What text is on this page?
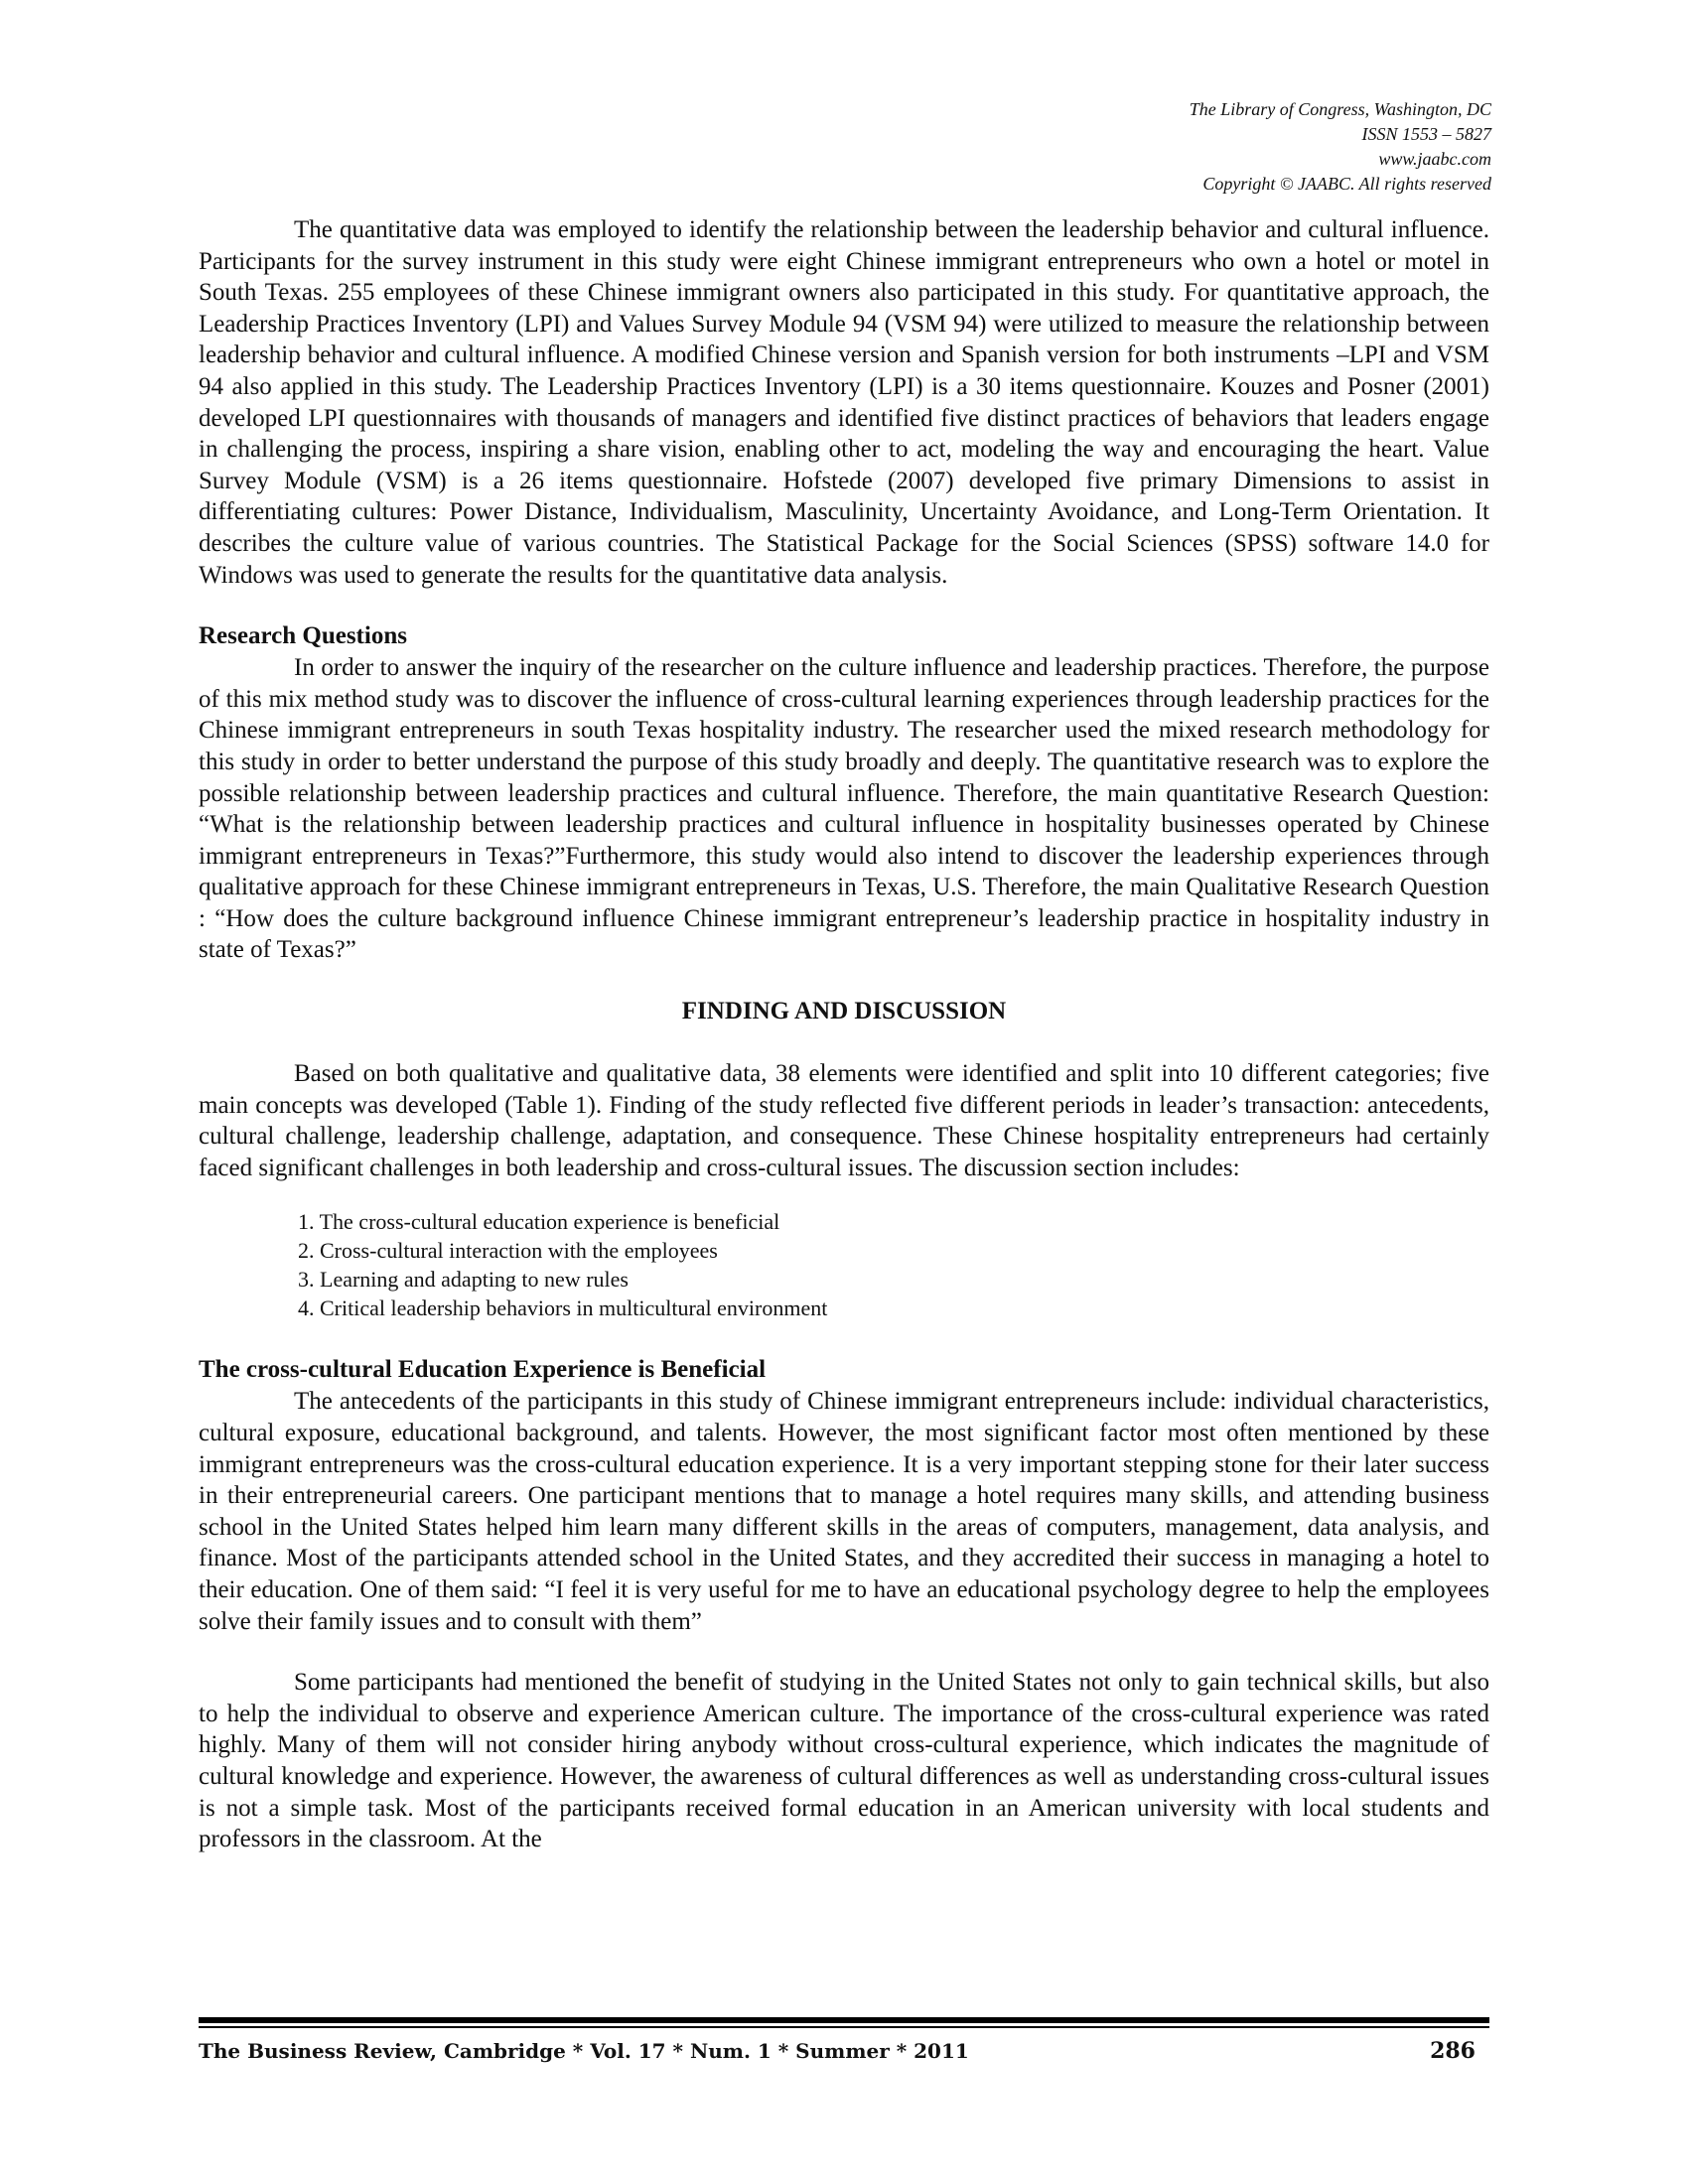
The Library of Congress, Washington, DC
ISSN 1553 – 5827
www.jaabc.com
Copyright © JAABC. All rights reserved

The quantitative data was employed to identify the relationship between the leadership behavior and cultural influence. Participants for the survey instrument in this study were eight Chinese immigrant entrepreneurs who own a hotel or motel in South Texas. 255 employees of these Chinese immigrant owners also participated in this study. For quantitative approach, the Leadership Practices Inventory (LPI) and Values Survey Module 94 (VSM 94) were utilized to measure the relationship between leadership behavior and cultural influence. A modified Chinese version and Spanish version for both instruments –LPI and VSM 94 also applied in this study. The Leadership Practices Inventory (LPI) is a 30 items questionnaire. Kouzes and Posner (2001) developed LPI questionnaires with thousands of managers and identified five distinct practices of behaviors that leaders engage in challenging the process, inspiring a share vision, enabling other to act, modeling the way and encouraging the heart. Value Survey Module (VSM) is a 26 items questionnaire. Hofstede (2007) developed five primary Dimensions to assist in differentiating cultures: Power Distance, Individualism, Masculinity, Uncertainty Avoidance, and Long-Term Orientation. It describes the culture value of various countries. The Statistical Package for the Social Sciences (SPSS) software 14.0 for Windows was used to generate the results for the quantitative data analysis.

Research Questions

In order to answer the inquiry of the researcher on the culture influence and leadership practices. Therefore, the purpose of this mix method study was to discover the influence of cross-cultural learning experiences through leadership practices for the Chinese immigrant entrepreneurs in south Texas hospitality industry. The researcher used the mixed research methodology for this study in order to better understand the purpose of this study broadly and deeply. The quantitative research was to explore the possible relationship between leadership practices and cultural influence. Therefore, the main quantitative Research Question: “What is the relationship between leadership practices and cultural influence in hospitality businesses operated by Chinese immigrant entrepreneurs in Texas?”Furthermore, this study would also intend to discover the leadership experiences through qualitative approach for these Chinese immigrant entrepreneurs in Texas, U.S. Therefore, the main Qualitative Research Question : “How does the culture background influence Chinese immigrant entrepreneur’s leadership practice in hospitality industry in state of Texas?”

FINDING AND DISCUSSION

Based on both qualitative and qualitative data, 38 elements were identified and split into 10 different categories; five main concepts was developed (Table 1). Finding of the study reflected five different periods in leader’s transaction: antecedents, cultural challenge, leadership challenge, adaptation, and consequence. These Chinese hospitality entrepreneurs had certainly faced significant challenges in both leadership and cross-cultural issues. The discussion section includes:

1. The cross-cultural education experience is beneficial
2. Cross-cultural interaction with the employees
3. Learning and adapting to new rules
4. Critical leadership behaviors in multicultural environment
The cross-cultural Education Experience is Beneficial

The antecedents of the participants in this study of Chinese immigrant entrepreneurs include: individual characteristics, cultural exposure, educational background, and talents. However, the most significant factor most often mentioned by these immigrant entrepreneurs was the cross-cultural education experience. It is a very important stepping stone for their later success in their entrepreneurial careers. One participant mentions that to manage a hotel requires many skills, and attending business school in the United States helped him learn many different skills in the areas of computers, management, data analysis, and finance. Most of the participants attended school in the United States, and they accredited their success in managing a hotel to their education. One of them said: “I feel it is very useful for me to have an educational psychology degree to help the employees solve their family issues and to consult with them”

Some participants had mentioned the benefit of studying in the United States not only to gain technical skills, but also to help the individual to observe and experience American culture. The importance of the cross-cultural experience was rated highly. Many of them will not consider hiring anybody without cross-cultural experience, which indicates the magnitude of cultural knowledge and experience. However, the awareness of cultural differences as well as understanding cross-cultural issues is not a simple task. Most of the participants received formal education in an American university with local students and professors in the classroom. At the

The Business Review, Cambridge * Vol. 17 * Num. 1 * Summer * 2011	286
